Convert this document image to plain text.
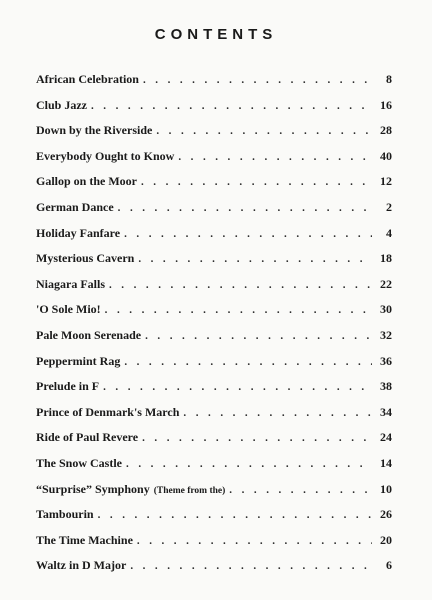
CONTENTS
African Celebration . . .	8
Club Jazz . . .	16
Down by the Riverside . . .	28
Everybody Ought to Know . . .	40
Gallop on the Moor . . .	12
German Dance . . .	2
Holiday Fanfare . . .	4
Mysterious Cavern . . .	18
Niagara Falls . . .	22
'O Sole Mio! . . .	30
Pale Moon Serenade . . .	32
Peppermint Rag . . .	36
Prelude in F . . .	38
Prince of Denmark's March . . .	34
Ride of Paul Revere . . .	24
The Snow Castle . . .	14
“Surprise” Symphony (Theme from the) . . .	10
Tambourin . . .	26
The Time Machine . . .	20
Waltz in D Major . . .	6
